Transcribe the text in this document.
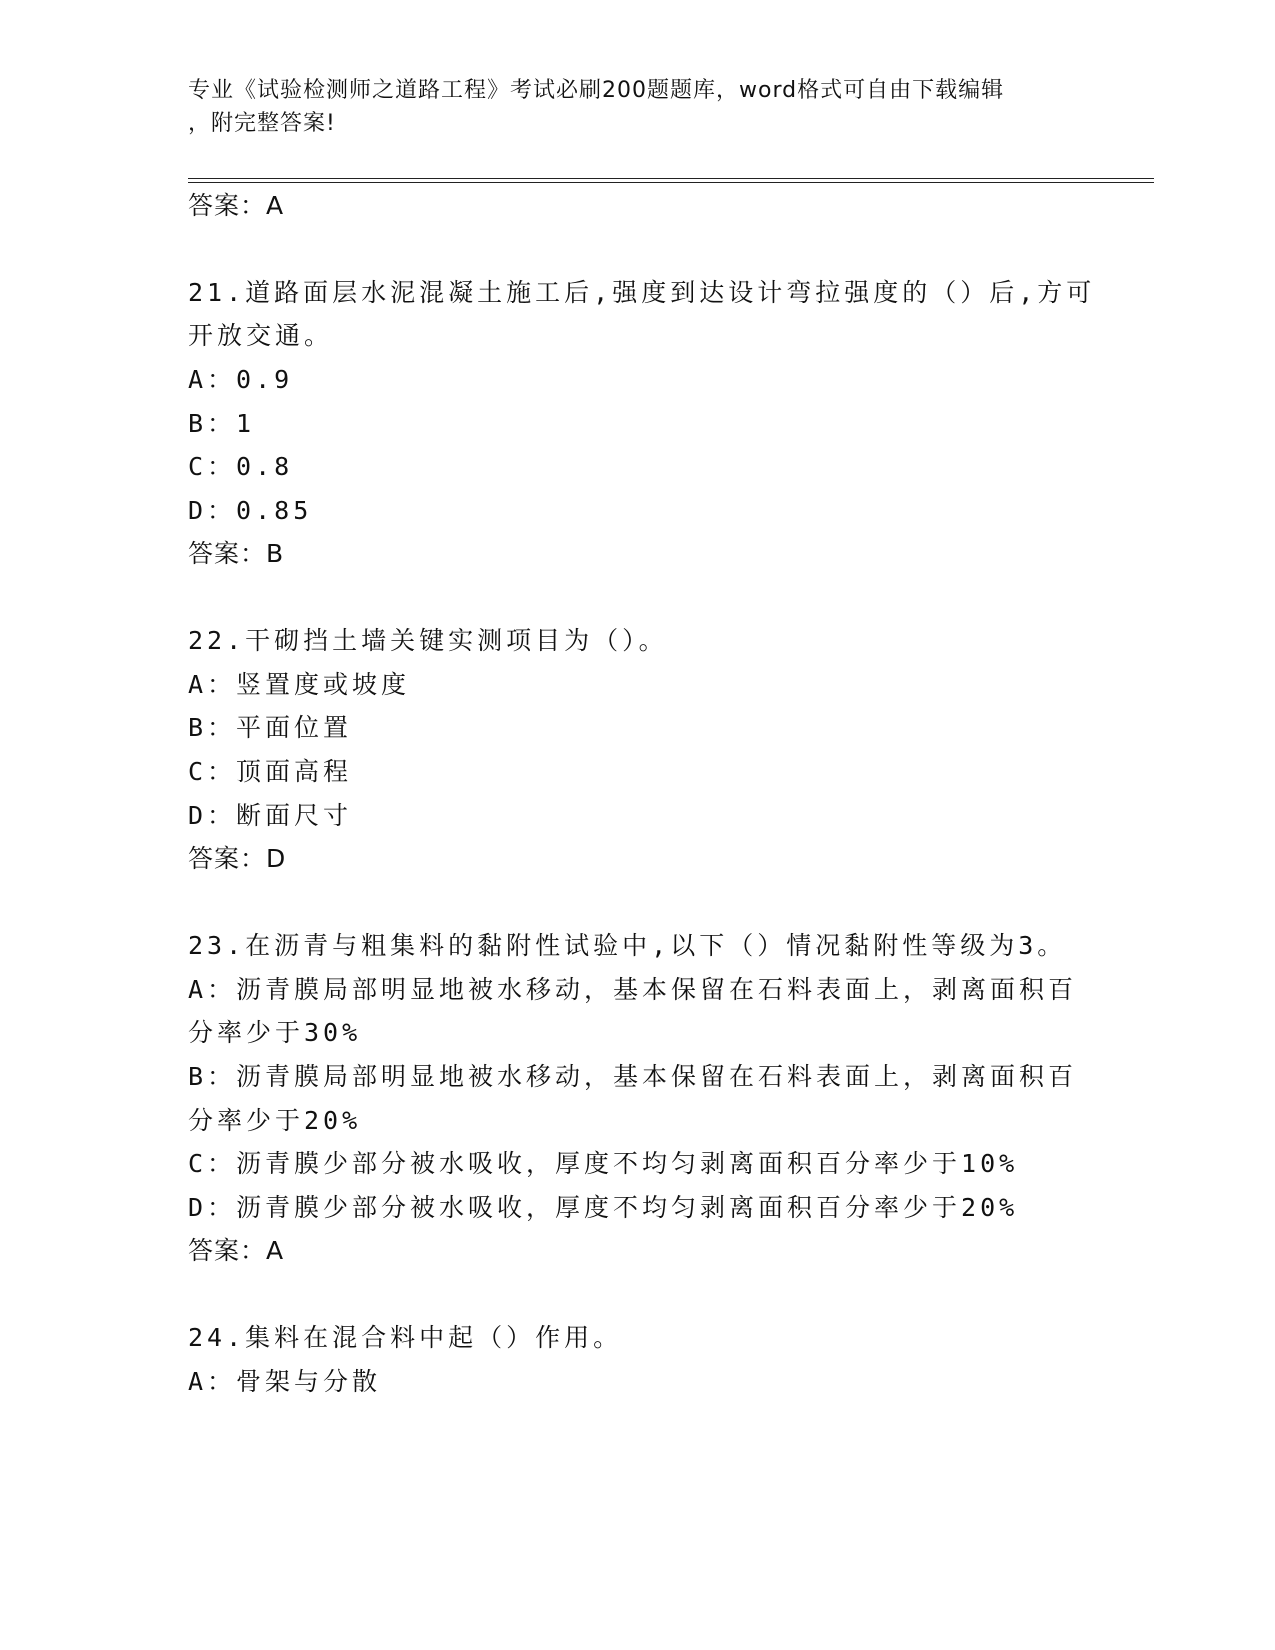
专业《试验检测师之道路工程》考试必刷200题题库，word格式可自由下载编辑
，附完整答案!
答案：A
21.道路面层水泥混凝土施工后,强度到达设计弯拉强度的（）后,方可
开放交通。
A：0.9
B：1
C：0.8
D：0.85
答案：B
22.干砌挡土墙关键实测项目为（）。
A：竖置度或坡度
B：平面位置
C：顶面高程
D：断面尺寸
答案：D
23.在沥青与粗集料的黏附性试验中,以下（）情况黏附性等级为3。
A：沥青膜局部明显地被水移动，基本保留在石料表面上，剥离面积百
分率少于30%
B：沥青膜局部明显地被水移动，基本保留在石料表面上，剥离面积百
分率少于20%
C：沥青膜少部分被水吸收，厚度不均匀剥离面积百分率少于10%
D：沥青膜少部分被水吸收，厚度不均匀剥离面积百分率少于20%
答案：A
24.集料在混合料中起（）作用。
A：骨架与分散
